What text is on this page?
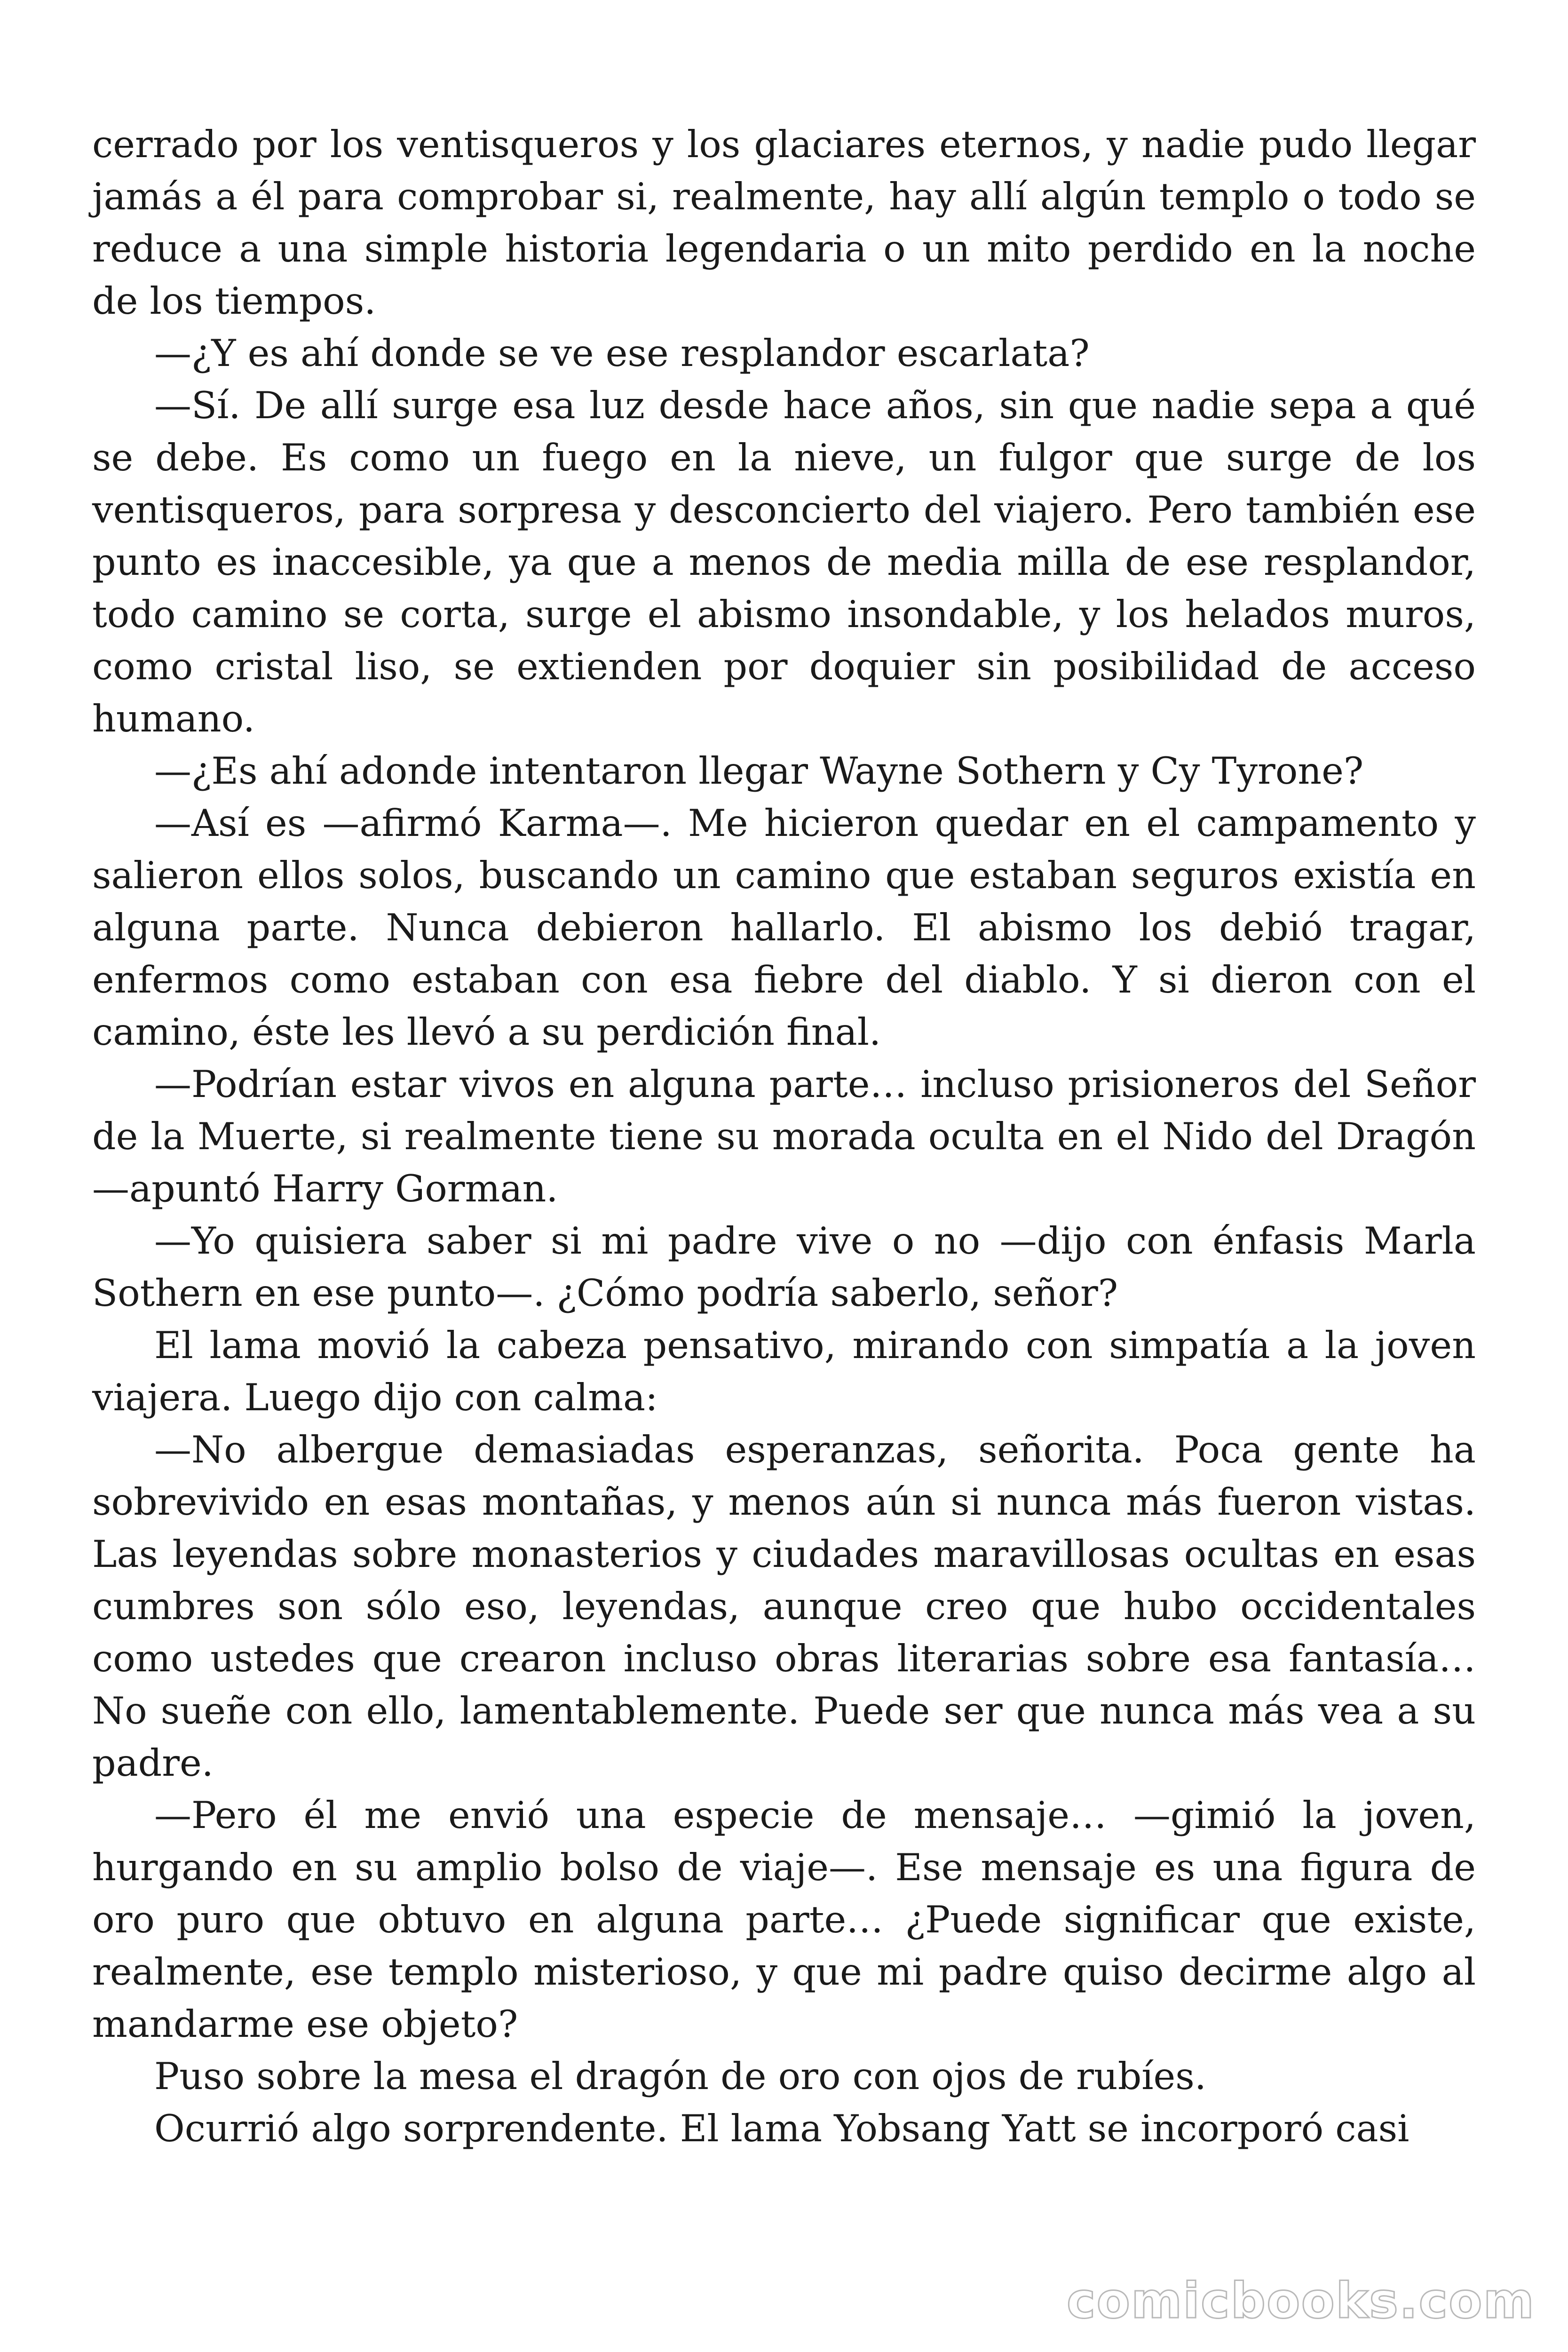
cerrado por los ventisqueros y los glaciares eternos, y nadie pudo llegar jamás a él para comprobar si, realmente, hay allí algún templo o todo se reduce a una simple historia legendaria o un mito perdido en la noche de los tiempos.

—¿Y es ahí donde se ve ese resplandor escarlata?

—Sí. De allí surge esa luz desde hace años, sin que nadie sepa a qué se debe. Es como un fuego en la nieve, un fulgor que surge de los ventisqueros, para sorpresa y desconcierto del viajero. Pero también ese punto es inaccesible, ya que a menos de media milla de ese resplandor, todo camino se corta, surge el abismo insondable, y los helados muros, como cristal liso, se extienden por doquier sin posibilidad de acceso humano.

—¿Es ahí adonde intentaron llegar Wayne Sothern y Cy Tyrone?

—Así es —afirmó Karma—. Me hicieron quedar en el campamento y salieron ellos solos, buscando un camino que estaban seguros existía en alguna parte. Nunca debieron hallarlo. El abismo los debió tragar, enfermos como estaban con esa fiebre del diablo. Y si dieron con el camino, éste les llevó a su perdición final.

—Podrían estar vivos en alguna parte… incluso prisioneros del Señor de la Muerte, si realmente tiene su morada oculta en el Nido del Dragón —apuntó Harry Gorman.

—Yo quisiera saber si mi padre vive o no —dijo con énfasis Marla Sothern en ese punto—. ¿Cómo podría saberlo, señor?

El lama movió la cabeza pensativo, mirando con simpatía a la joven viajera. Luego dijo con calma:

—No albergue demasiadas esperanzas, señorita. Poca gente ha sobrevivido en esas montañas, y menos aún si nunca más fueron vistas. Las leyendas sobre monasterios y ciudades maravillosas ocultas en esas cumbres son sólo eso, leyendas, aunque creo que hubo occidentales como ustedes que crearon incluso obras literarias sobre esa fantasía… No sueñe con ello, lamentablemente. Puede ser que nunca más vea a su padre.

—Pero él me envió una especie de mensaje… —gimió la joven, hurgando en su amplio bolso de viaje—. Ese mensaje es una figura de oro puro que obtuvo en alguna parte… ¿Puede significar que existe, realmente, ese templo misterioso, y que mi padre quiso decirme algo al mandarme ese objeto?

Puso sobre la mesa el dragón de oro con ojos de rubíes.

Ocurrió algo sorprendente. El lama Yobsang Yatt se incorporó casi

comicbooks.com
